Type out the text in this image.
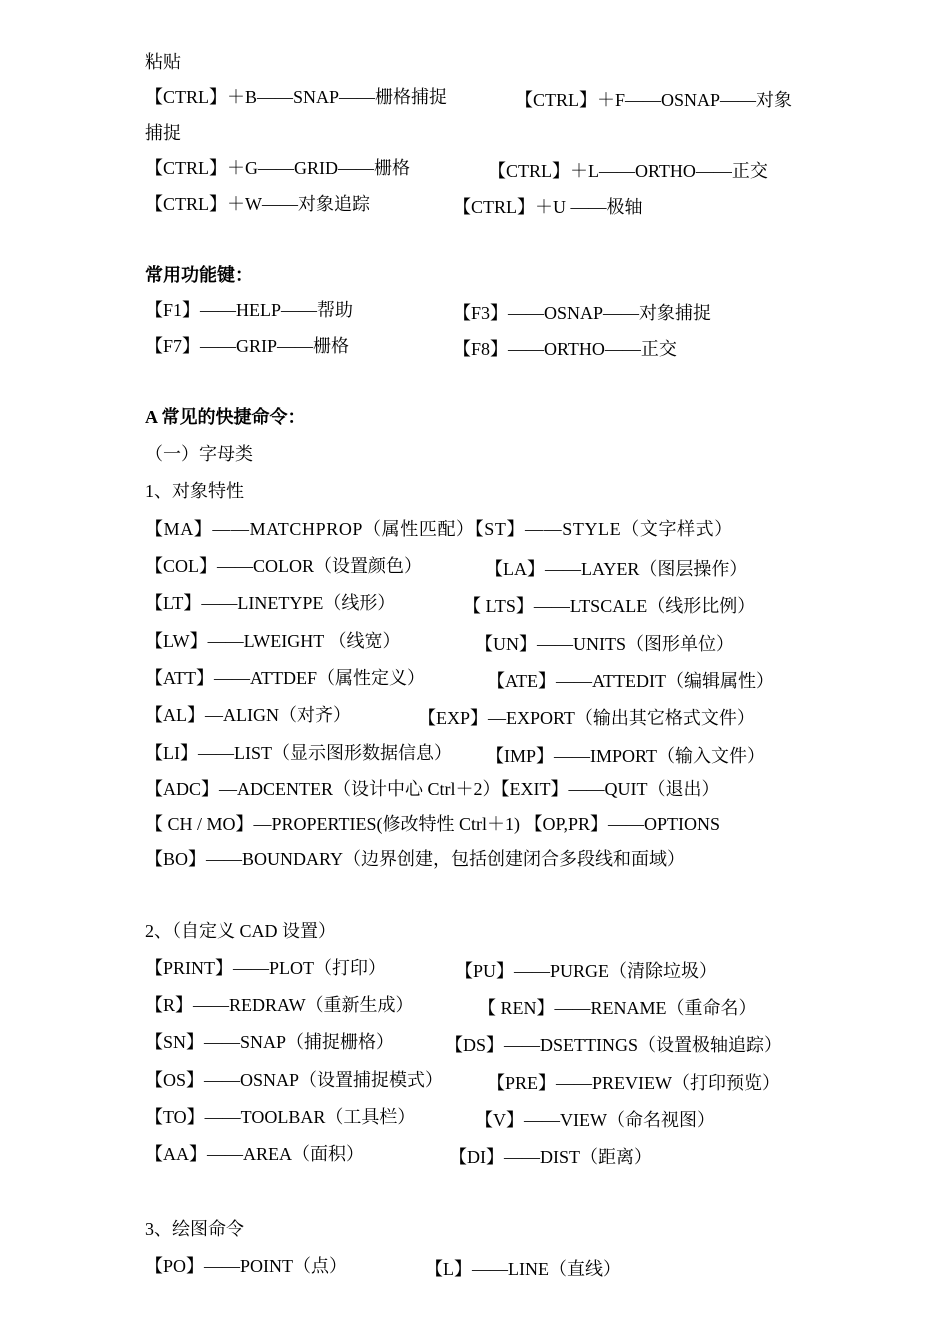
粘贴
【CTRL】＋B——SNAP——栅格捕捉	【CTRL】＋F——OSNAP——对象
捕捉
【CTRL】＋G——GRID——栅格	【CTRL】＋L——ORTHO——正交
【CTRL】＋W——对象追踪	【CTRL】＋U ——极轴
常用功能键：
【F1】——HELP——帮助	【F3】——OSNAP——对象捕捉
【F7】——GRIP——栅格	【F8】——ORTHO——正交
A 常见的快捷命令：
（一）字母类
1、对象特性
【MA】——MATCHPROP（属性匹配）【ST】——STYLE（文字样式）
【COL】——COLOR（设置颜色）	【LA】——LAYER（图层操作）
【LT】——LINETYPE（线形）	【 LTS】——LTSCALE（线形比例）
【LW】——LWEIGHT （线宽）	【UN】——UNITS（图形单位）
【ATT】——ATTDEF（属性定义）	【ATE】——ATTEDIT（编辑属性）
【AL】—ALIGN（对齐）	【EXP】—EXPORT（输出其它格式文件）
【LI】——LIST（显示图形数据信息） 【IMP】——IMPORT（输入文件）
【ADC】—ADCENTER（设计中心 Ctrl＋2）【EXIT】——QUIT（退出）
【 CH / MO】—PROPERTIES(修改特性 Ctrl＋1) 【OP,PR】——OPTIONS
【BO】——BOUNDARY（边界创建，包括创建闭合多段线和面域）
2、（自定义 CAD 设置）
【PRINT】——PLOT（打印）	【PU】——PURGE（清除垃圾）
【R】——REDRAW（重新生成）	【 REN】——RENAME（重命名）
【SN】——SNAP（捕捉栅格）	【DS】——DSETTINGS（设置极轴追踪）
【OS】——OSNAP（设置捕捉模式） 【PRE】——PREVIEW（打印预览）
【TO】——TOOLBAR（工具栏）	【V】——VIEW（命名视图）
【AA】——AREA（面积）	【DI】——DIST（距离）
3、绘图命令
【PO】——POINT（点）	【L】——LINE（直线）
